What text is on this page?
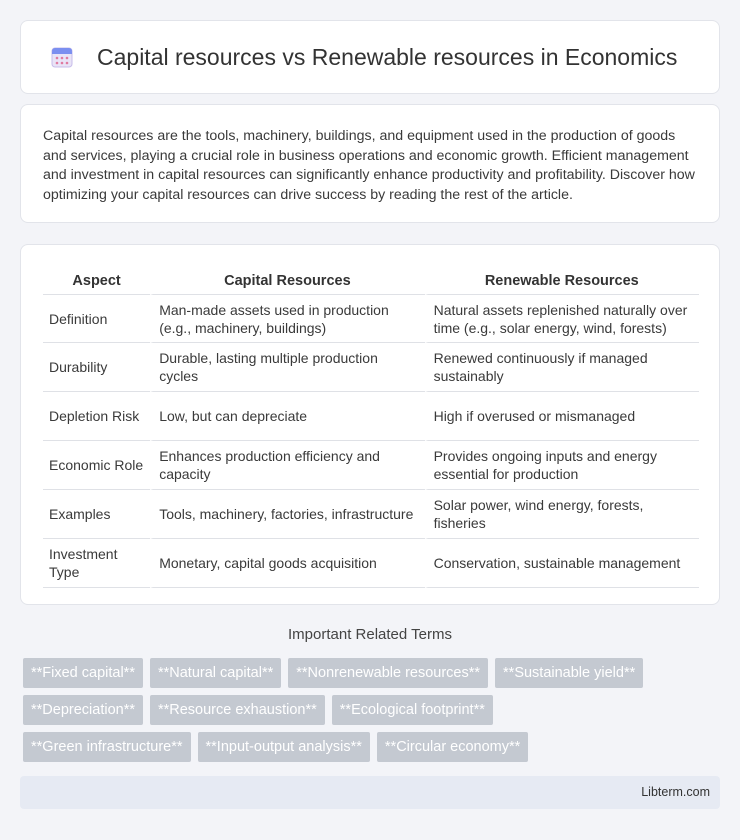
Capital resources vs Renewable resources in Economics

Capital resources are the tools, machinery, buildings, and equipment used in the production of goods and services, playing a crucial role in business operations and economic growth. Efficient management and investment in capital resources can significantly enhance productivity and profitability. Discover how optimizing your capital resources can drive success by reading the rest of the article.

Aspect	Capital Resources	Renewable Resources
Definition	Man-made assets used in production (e.g., machinery, buildings)	Natural assets replenished naturally over time (e.g., solar energy, wind, forests)
Durability	Durable, lasting multiple production cycles	Renewed continuously if managed sustainably
Depletion Risk	Low, but can depreciate	High if overused or mismanaged
Economic Role	Enhances production efficiency and capacity	Provides ongoing inputs and energy essential for production
Examples	Tools, machinery, factories, infrastructure	Solar power, wind energy, forests, fisheries
Investment Type	Monetary, capital goods acquisition	Conservation, sustainable management
Important Related Terms
**Fixed capital**	**Natural capital**	**Nonrenewable resources**	**Sustainable yield**
**Depreciation**	**Resource exhaustion**	**Ecological footprint**
**Green infrastructure**	**Input-output analysis**	**Circular economy**
Libterm.com
